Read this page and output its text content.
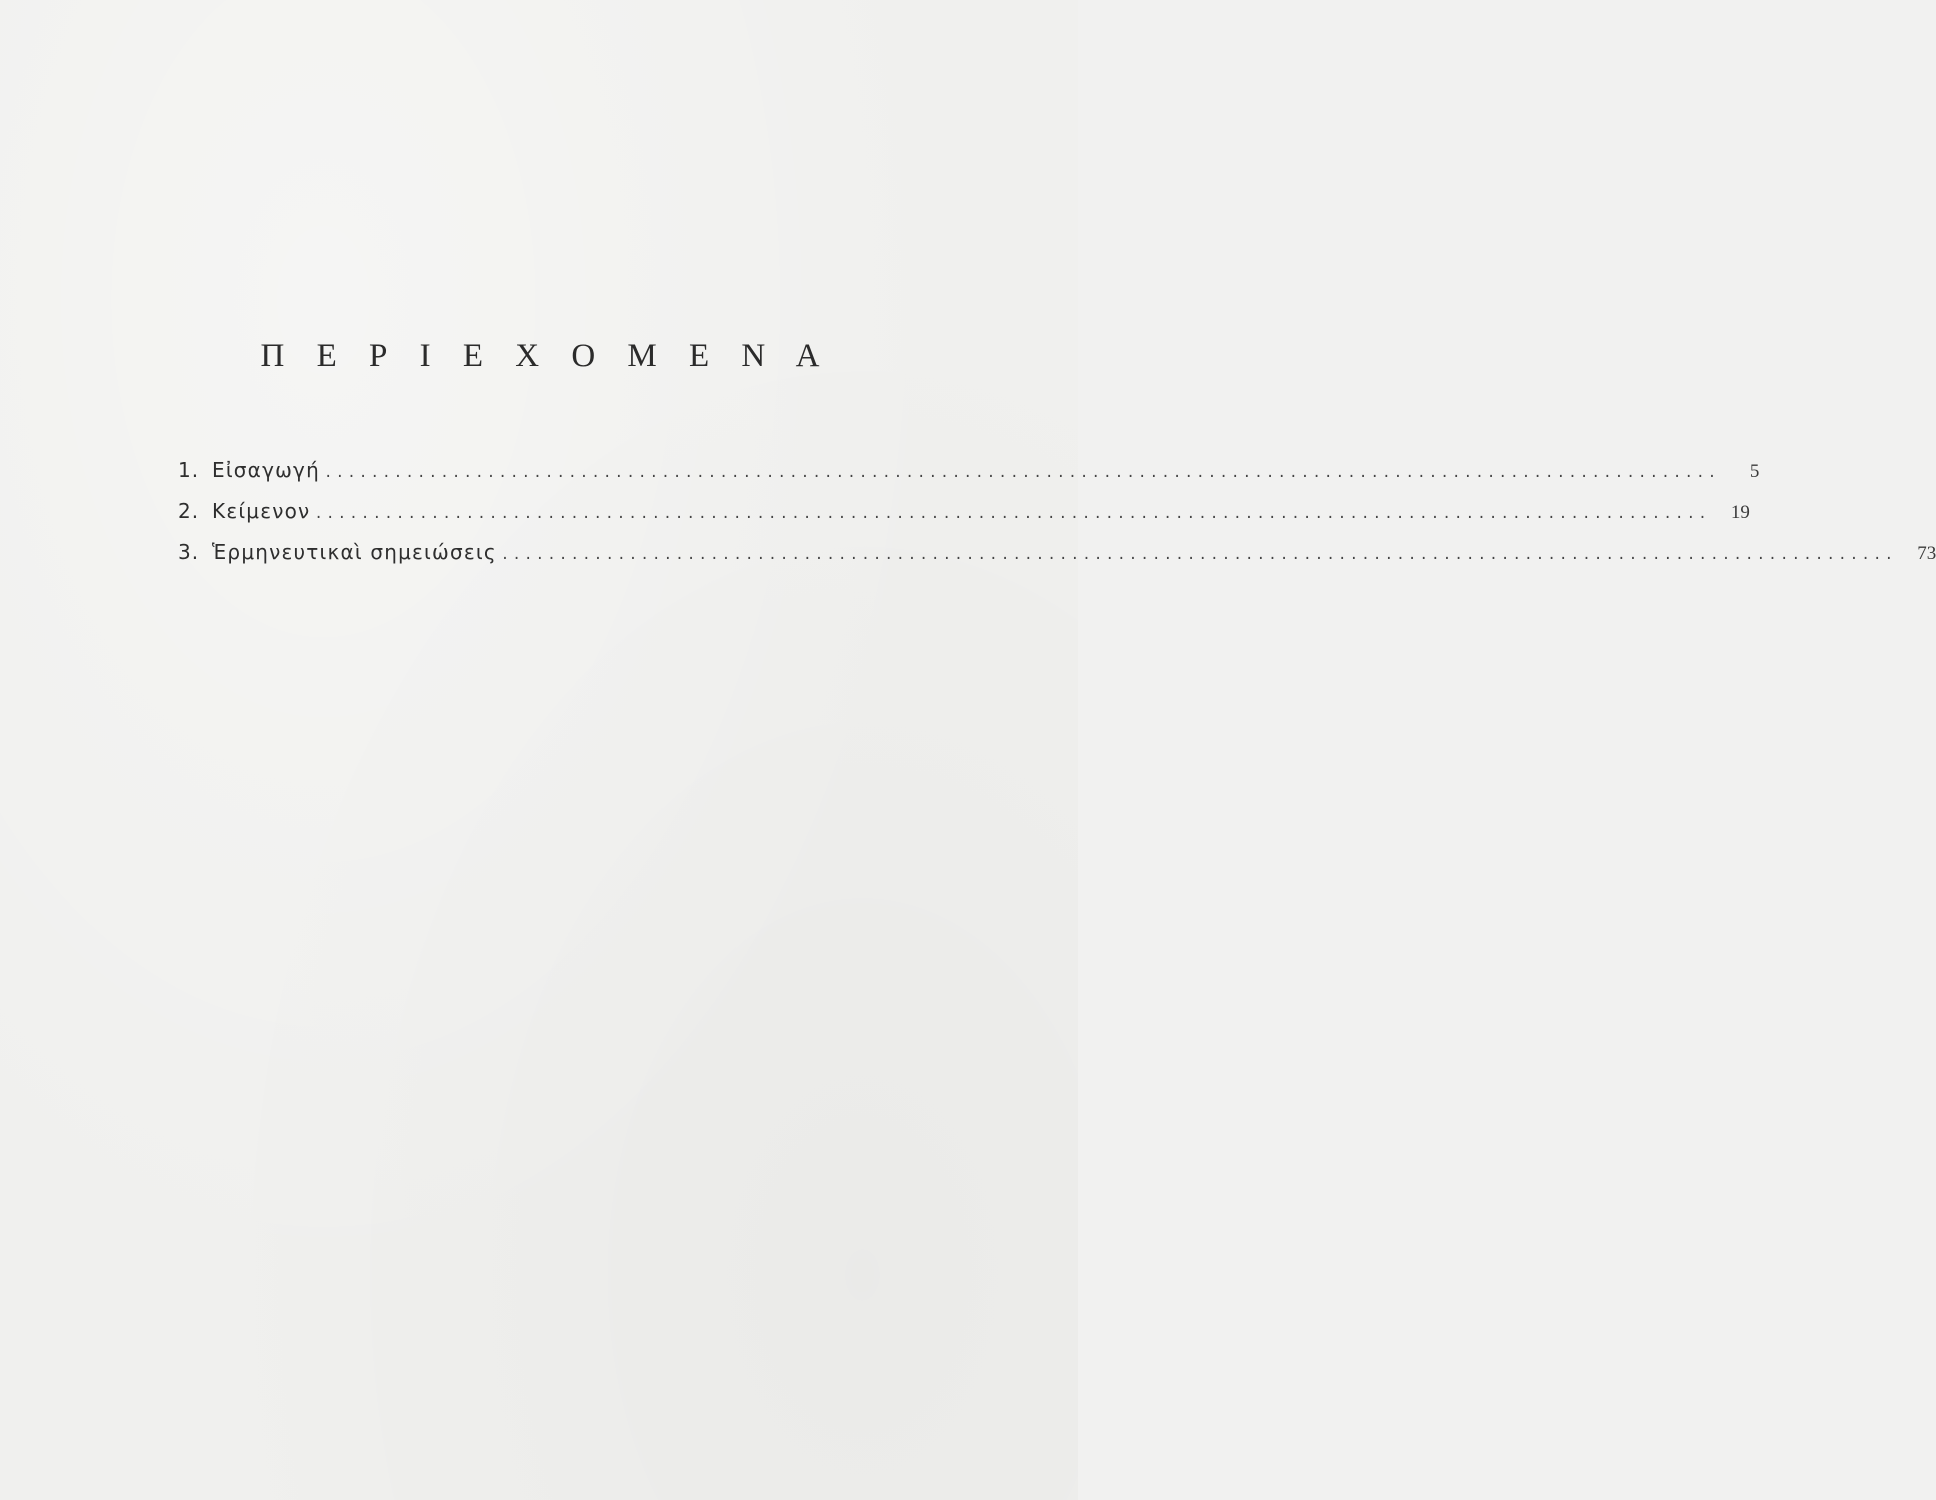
Π Ε Ρ Ι Ε Χ Ο Μ Ε Ν Α
1. Εἰσαγωγή ........................................................................................................................	5
2. Κείμενον ........................................................................................................................	19
3. Ἑρμηνευτικαὶ σημειώσεις ........................................................................................................................	73
